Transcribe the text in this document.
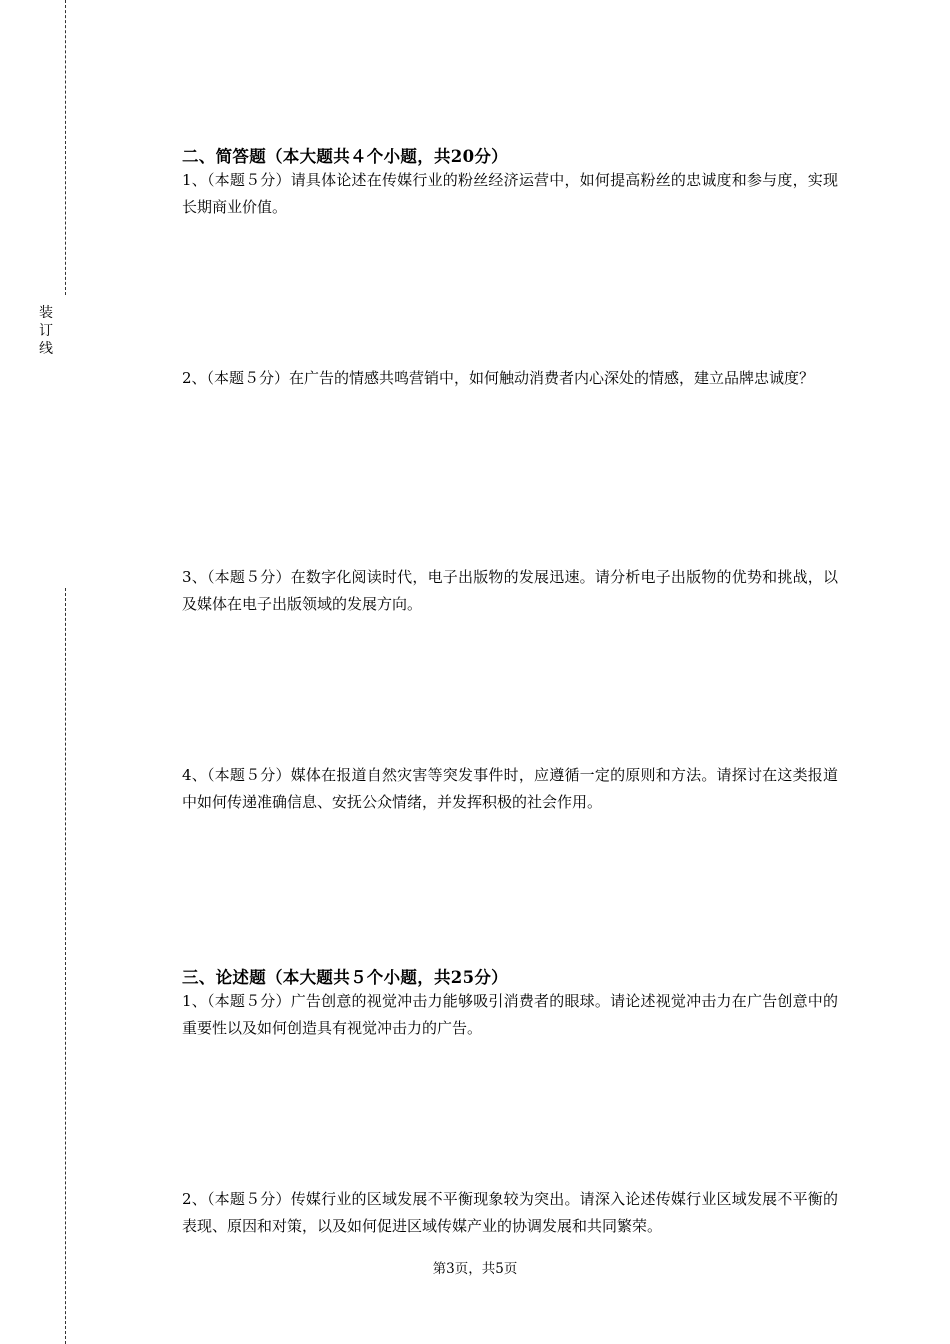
装
订
线
二、简答题（本大题共４个小题，共20分）
1、（本题５分）请具体论述在传媒行业的粉丝经济运营中，如何提高粉丝的忠诚度和参与度，实现长期商业价值。
2、（本题５分）在广告的情感共鸣营销中，如何触动消费者内心深处的情感，建立品牌忠诚度？
3、（本题５分）在数字化阅读时代，电子出版物的发展迅速。请分析电子出版物的优势和挑战，以及媒体在电子出版领域的发展方向。
4、（本题５分）媒体在报道自然灾害等突发事件时，应遵循一定的原则和方法。请探讨在这类报道中如何传递准确信息、安抚公众情绪，并发挥积极的社会作用。
三、论述题（本大题共５个小题，共25分）
1、（本题５分）广告创意的视觉冲击力能够吸引消费者的眼球。请论述视觉冲击力在广告创意中的重要性以及如何创造具有视觉冲击力的广告。
2、（本题５分）传媒行业的区域发展不平衡现象较为突出。请深入论述传媒行业区域发展不平衡的表现、原因和对策，以及如何促进区域传媒产业的协调发展和共同繁荣。
第3页，共5页
